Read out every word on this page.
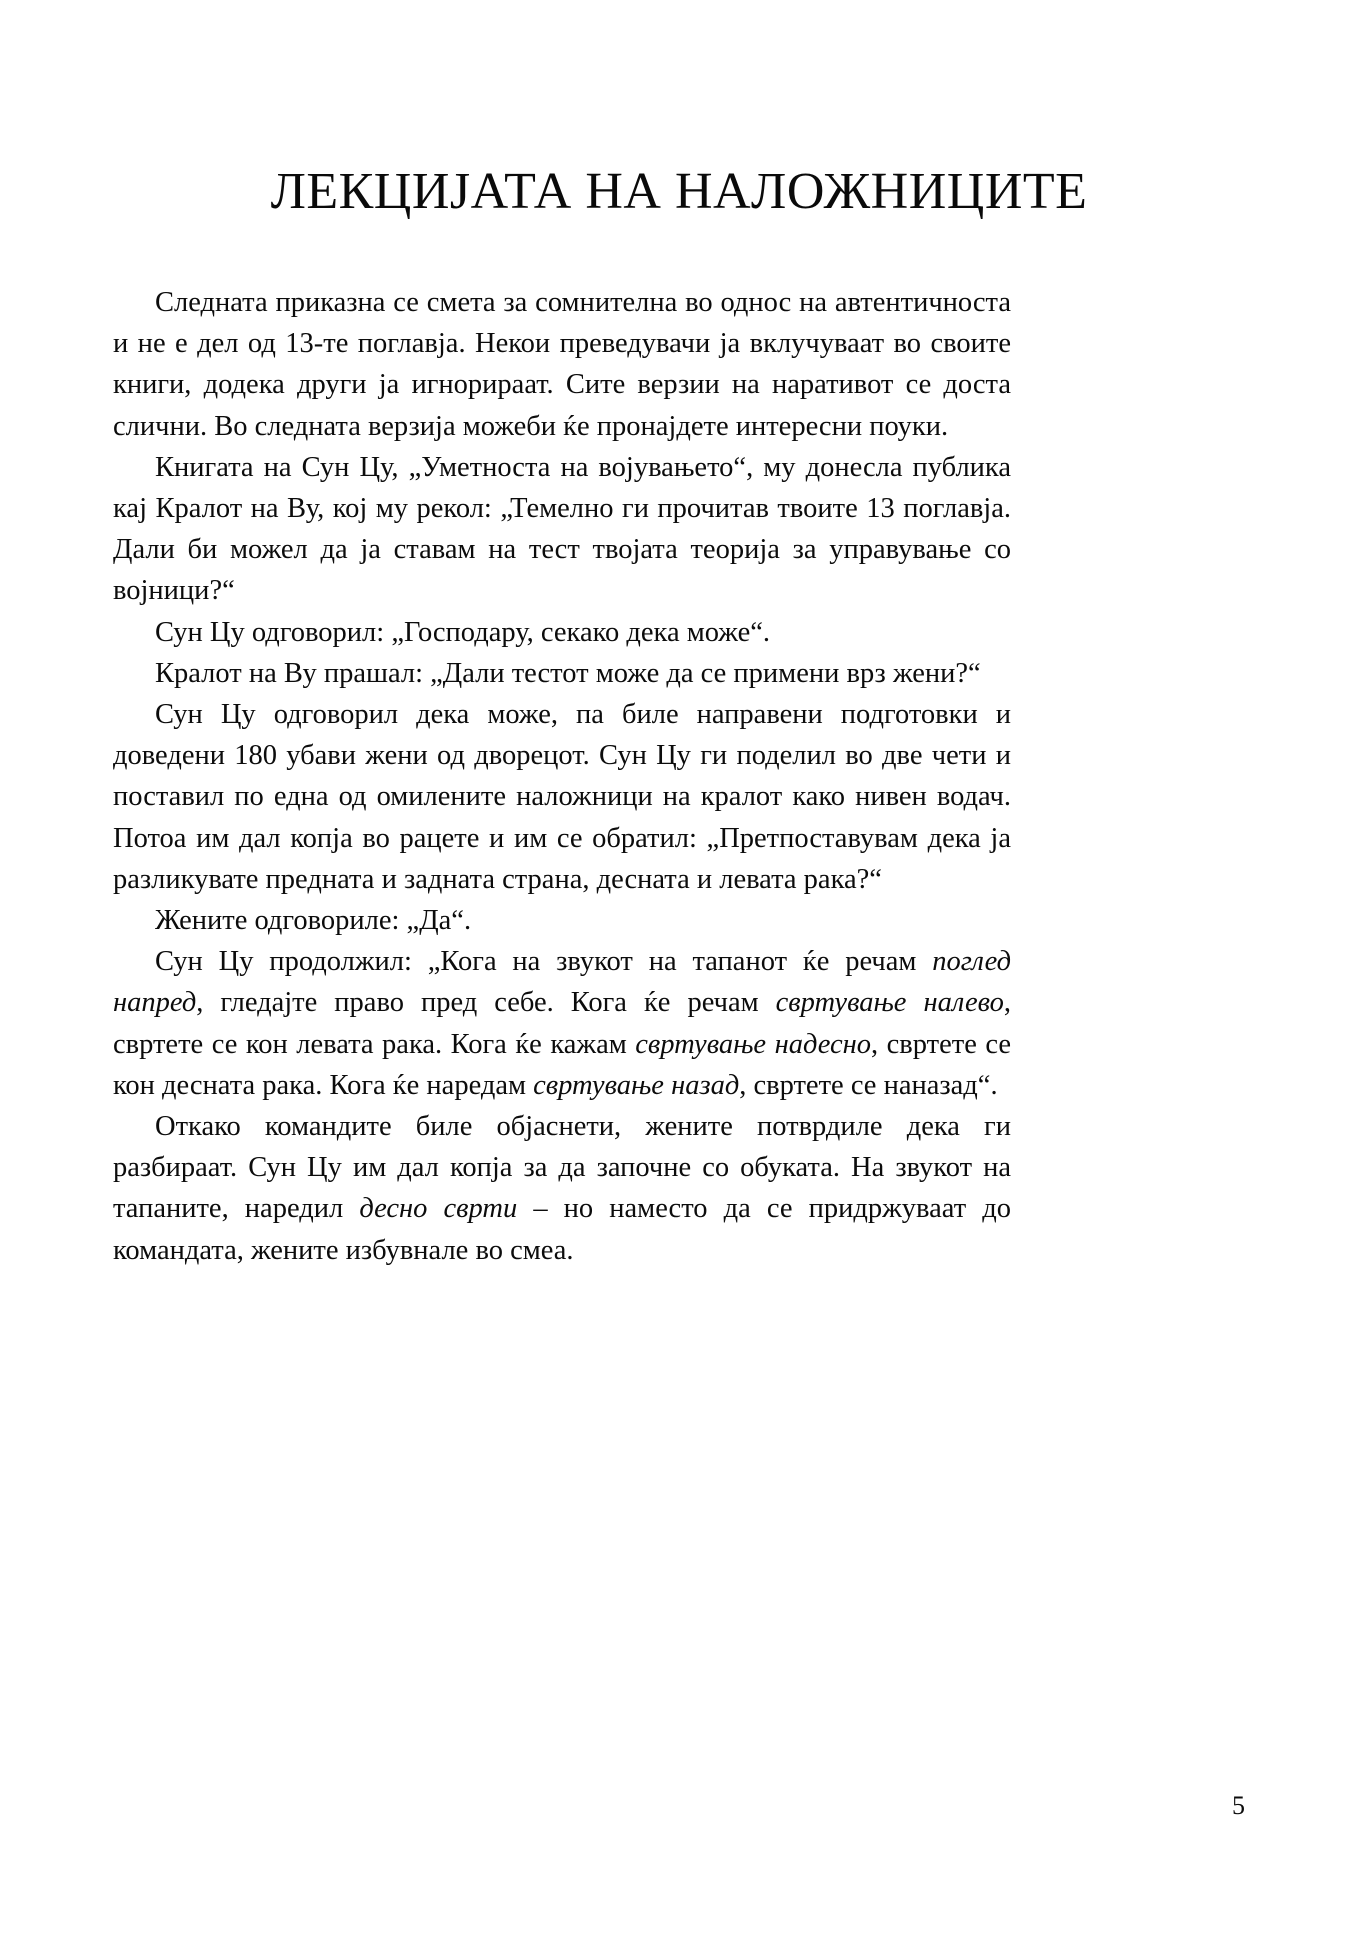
ЛЕКЦИЈАТА НА НАЛОЖНИЦИТЕ

Следната приказна се смета за сомнителна во однос на автентичноста и не е дел од 13-те поглавја. Некои преведувачи ја вклучуваат во своите книги, додека други ја игнорираат. Сите верзии на наративот се доста слични. Во следната верзија можеби ќе пронајдете интересни поуки.

Книгата на Сун Цу, „Уметноста на војувањето“, му донесла публика кај Кралот на Ву, кој му рекол: „Темелно ги прочитав твоите 13 поглавја. Дали би можел да ја ставам на тест твојата теорија за управување со војници?“

Сун Цу одговорил: „Господару, секако дека може“.

Кралот на Ву прашал: „Дали тестот може да се примени врз жени?“

Сун Цу одговорил дека може, па биле направени подготовки и доведени 180 убави жени од дворецот. Сун Цу ги поделил во две чети и поставил по една од омилените наложници на кралот како нивен водач. Потоа им дал копја во рацете и им се обратил: „Претпоставувам дека ја разликувате предната и задната страна, десната и левата рака?“

Жените одговориле: „Да“.

Сун Цу продолжил: „Кога на звукот на тапанот ќе речам поглед напред, гледајте право пред себе. Кога ќе речам свртување налево, свртете се кон левата рака. Кога ќе кажам свртување надесно, свртете се кон десната рака. Кога ќе наредам свртување назад, свртете се наназад“.

Откако командите биле објаснети, жените потврдиле дека ги разбираат. Сун Цу им дал копја за да започне со обуката. На звукот на тапаните, наредил десно сврти – но наместо да се придржуваат до командата, жените избувнале во смеа.

5
